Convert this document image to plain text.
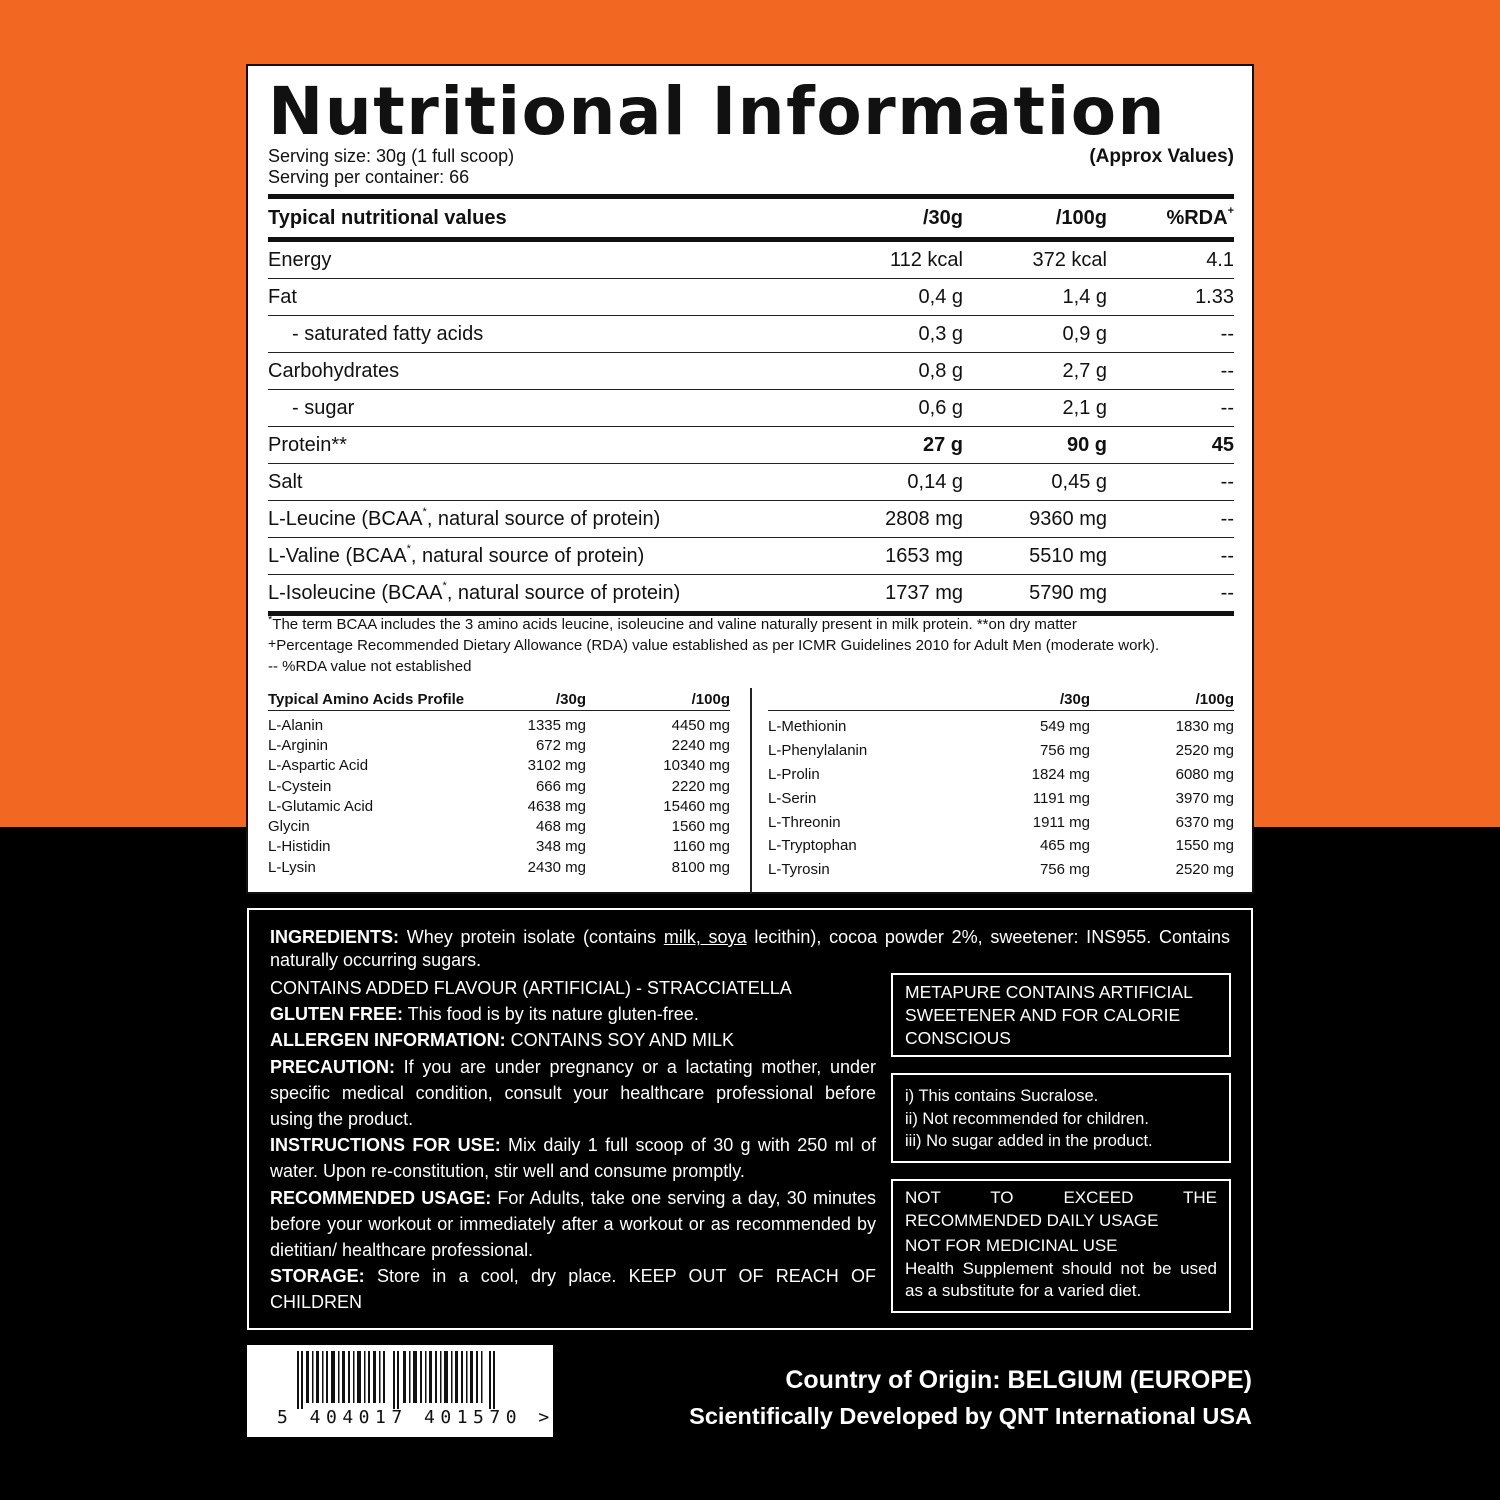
Nutritional Information
Serving size: 30g (1 full scoop)
Serving per container: 66
(Approx Values)
Typical nutritional values	/30g	/100g	%RDA+
Energy	112 kcal	372 kcal	4.1
Fat	0,4 g	1,4 g	1.33
- saturated fatty acids	0,3 g	0,9 g	--
Carbohydrates	0,8 g	2,7 g	--
- sugar	0,6 g	2,1 g	--
Protein**	27 g	90 g	45
Salt	0,14 g	0,45 g	--
L-Leucine (BCAA*, natural source of protein)	2808 mg	9360 mg	--
L-Valine (BCAA*, natural source of protein)	1653 mg	5510 mg	--
L-Isoleucine (BCAA*, natural source of protein)	1737 mg	5790 mg	--
*The term BCAA includes the 3 amino acids leucine, isoleucine and valine naturally present in milk protein. **on dry matter
+Percentage Recommended Dietary Allowance (RDA) value established as per ICMR Guidelines 2010 for Adult Men (moderate work).
-- %RDA value not established
Typical Amino Acids Profile	/30g	/100g
L-Alanin	1335 mg	4450 mg
L-Arginin	672 mg	2240 mg
L-Aspartic Acid	3102 mg	10340 mg
L-Cystein	666 mg	2220 mg
L-Glutamic Acid	4638 mg	15460 mg
Glycin	468 mg	1560 mg
L-Histidin	348 mg	1160 mg
L-Lysin	2430 mg	8100 mg
/30g	/100g
L-Methionin	549 mg	1830 mg
L-Phenylalanin	756 mg	2520 mg
L-Prolin	1824 mg	6080 mg
L-Serin	1191 mg	3970 mg
L-Threonin	1911 mg	6370 mg
L-Tryptophan	465 mg	1550 mg
L-Tyrosin	756 mg	2520 mg
INGREDIENTS: Whey protein isolate (contains milk, soya lecithin), cocoa powder 2%, sweetener: INS955. Contains naturally occurring sugars.

CONTAINS ADDED FLAVOUR (ARTIFICIAL) - STRACCIATELLA

GLUTEN FREE: This food is by its nature gluten-free.

ALLERGEN INFORMATION: CONTAINS SOY AND MILK

PRECAUTION: If you are under pregnancy or a lactating mother, under specific medical condition, consult your healthcare professional before using the product.

INSTRUCTIONS FOR USE: Mix daily 1 full scoop of 30 g with 250 ml of water. Upon re-constitution, stir well and consume promptly.

RECOMMENDED USAGE: For Adults, take one serving a day, 30 minutes before your workout or immediately after a workout or as recommended by dietitian/ healthcare professional.

STORAGE: Store in a cool, dry place. KEEP OUT OF REACH OF CHILDREN

METAPURE CONTAINS ARTIFICIAL SWEETENER AND FOR CALORIE CONSCIOUS
i) This contains Sucralose.
ii) Not recommended for children.
iii) No sugar added in the product.
NOT TO EXCEED THE RECOMMENDED DAILY USAGE
NOT FOR MEDICINAL USE
Health Supplement should not be used as a substitute for a varied diet.
5 404017 401570 >
Country of Origin: BELGIUM (EUROPE)
Scientifically Developed by QNT International USA
